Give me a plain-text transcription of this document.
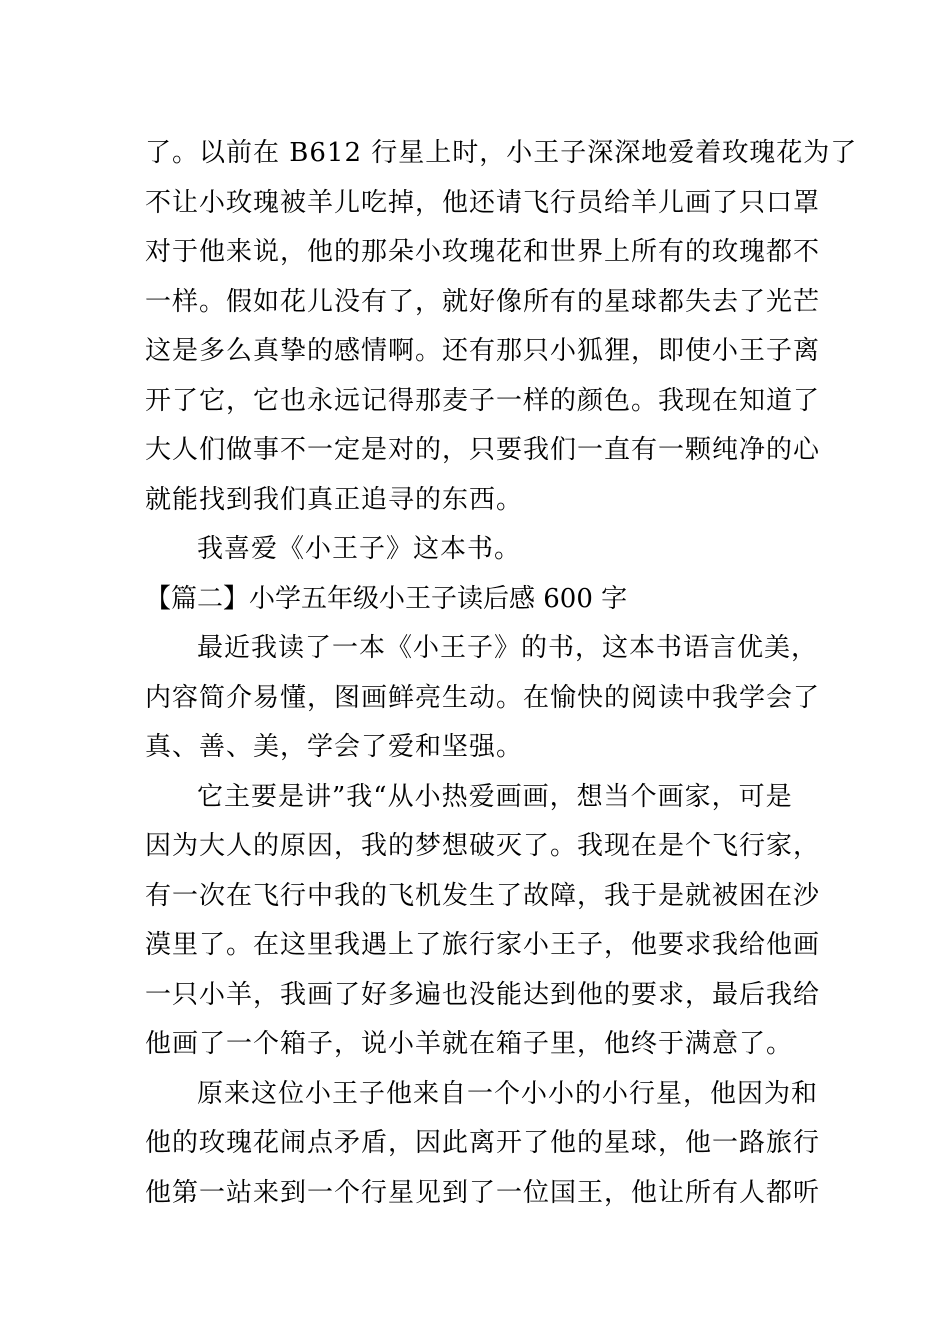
了。以前在 B612 行星上时，小王子深深地爱着玫瑰花为了
不让小玫瑰被羊儿吃掉，他还请飞行员给羊儿画了只口罩
对于他来说，他的那朵小玫瑰花和世界上所有的玫瑰都不
一样。假如花儿没有了，就好像所有的星球都失去了光芒
这是多么真挚的感情啊。还有那只小狐狸，即使小王子离
开了它，它也永远记得那麦子一样的颜色。我现在知道了
大人们做事不一定是对的，只要我们一直有一颗纯净的心
就能找到我们真正追寻的东西。
我喜爱《小王子》这本书。
【篇二】小学五年级小王子读后感 600 字
最近我读了一本《小王子》的书，这本书语言优美，
内容简介易懂，图画鲜亮生动。在愉快的阅读中我学会了
真、善、美，学会了爱和坚强。
它主要是讲”我“从小热爱画画，想当个画家，可是
因为大人的原因，我的梦想破灭了。我现在是个飞行家，
有一次在飞行中我的飞机发生了故障，我于是就被困在沙
漠里了。在这里我遇上了旅行家小王子，他要求我给他画
一只小羊，我画了好多遍也没能达到他的要求，最后我给
他画了一个箱子，说小羊就在箱子里，他终于满意了。
原来这位小王子他来自一个小小的小行星，他因为和
他的玫瑰花闹点矛盾，因此离开了他的星球，他一路旅行
他第一站来到一个行星见到了一位国王，他让所有人都听
